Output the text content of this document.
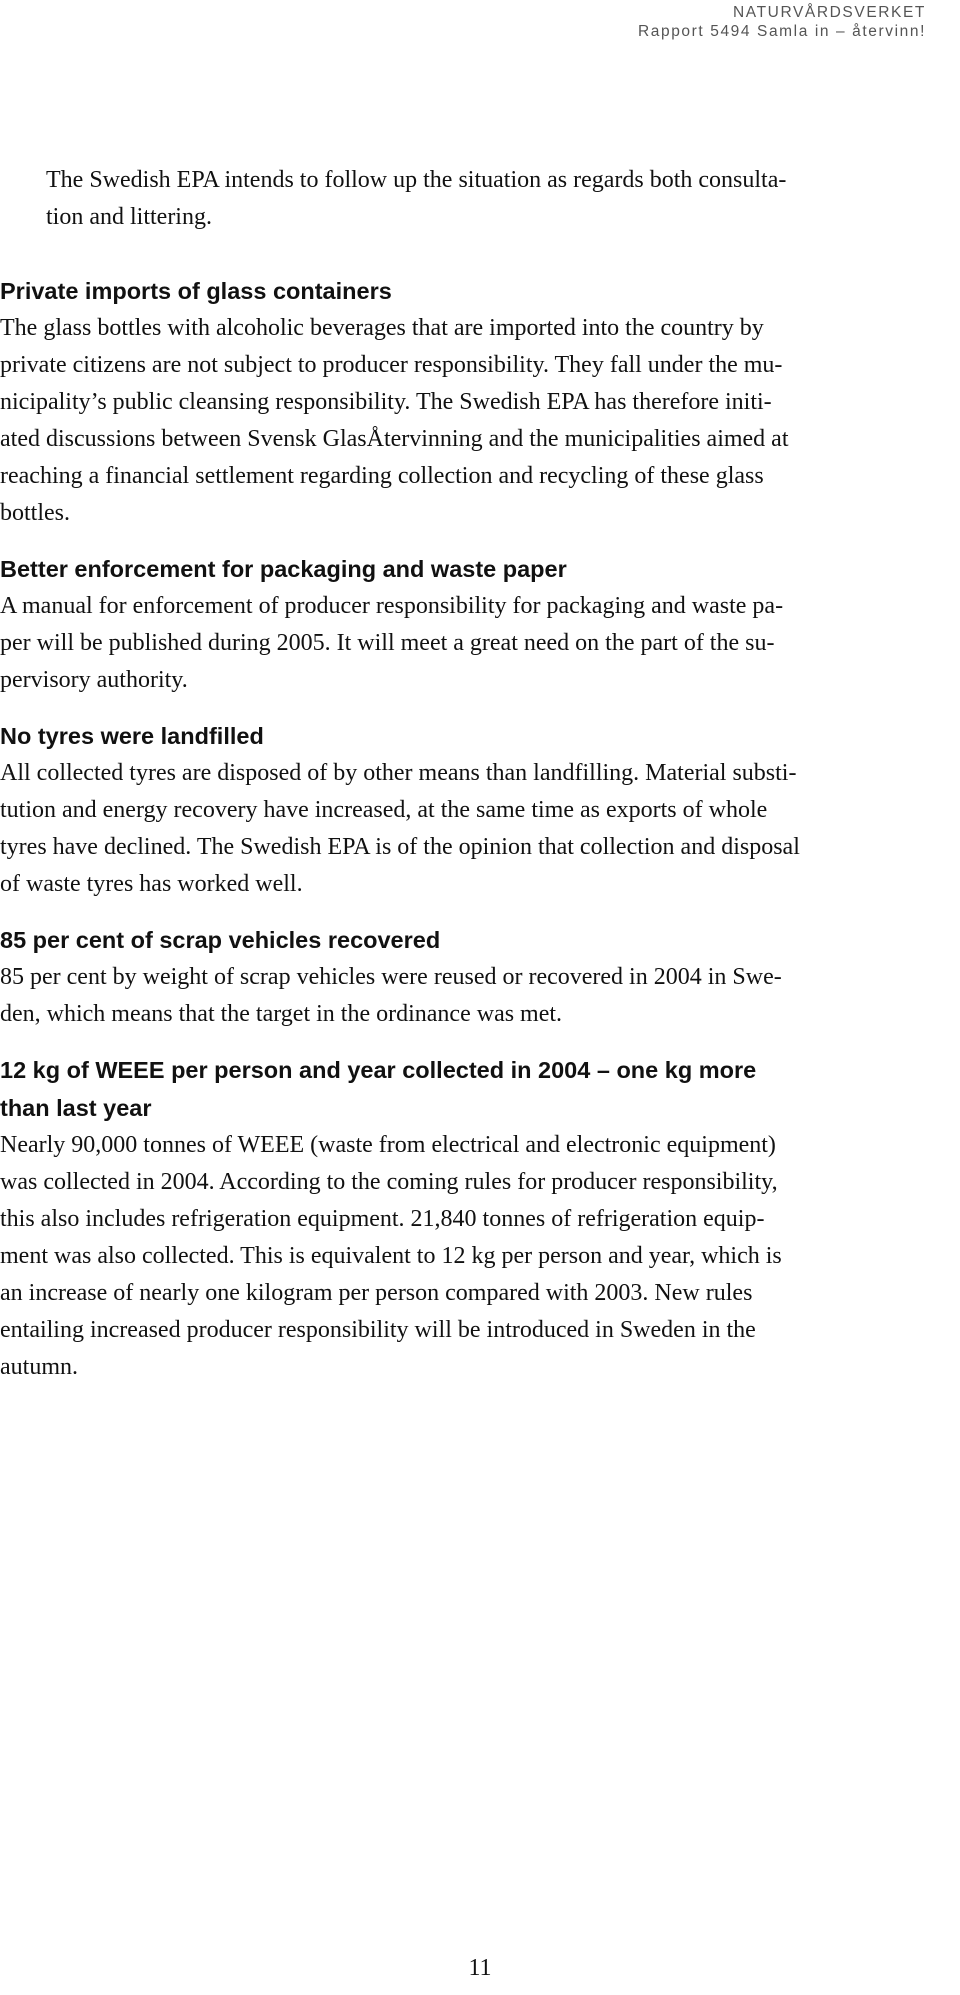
NATURVÅRDSVERKET
Rapport 5494 Samla in – återvinn!
The Swedish EPA intends to follow up the situation as regards both consulta-
tion and littering.
Private imports of glass containers
The glass bottles with alcoholic beverages that are imported into the country by
private citizens are not subject to producer responsibility. They fall under the mu-
nicipality’s public cleansing responsibility. The Swedish EPA has therefore initi-
ated discussions between Svensk GlasÅtervinning and the municipalities aimed at
reaching a financial settlement regarding collection and recycling of these glass
bottles.
Better enforcement for packaging and waste paper
A manual for enforcement of producer responsibility for packaging and waste pa-
per will be published during 2005. It will meet a great need on the part of the su-
pervisory authority.
No tyres were landfilled
All collected tyres are disposed of by other means than landfilling. Material substi-
tution and energy recovery have increased, at the same time as exports of whole
tyres have declined. The Swedish EPA is of the opinion that collection and disposal
of waste tyres has worked well.
85 per cent of scrap vehicles recovered
85 per cent by weight of scrap vehicles were reused or recovered in 2004 in Swe-
den, which means that the target in the ordinance was met.
12 kg of WEEE per person and year collected in 2004 – one kg more
than last year
Nearly 90,000 tonnes of WEEE (waste from electrical and electronic equipment)
was collected in 2004. According to the coming rules for producer responsibility,
this also includes refrigeration equipment. 21,840 tonnes of refrigeration equip-
ment was also collected. This is equivalent to 12 kg per person and year, which is
an increase of nearly one kilogram per person compared with 2003. New rules
entailing increased producer responsibility will be introduced in Sweden in the
autumn.
11
